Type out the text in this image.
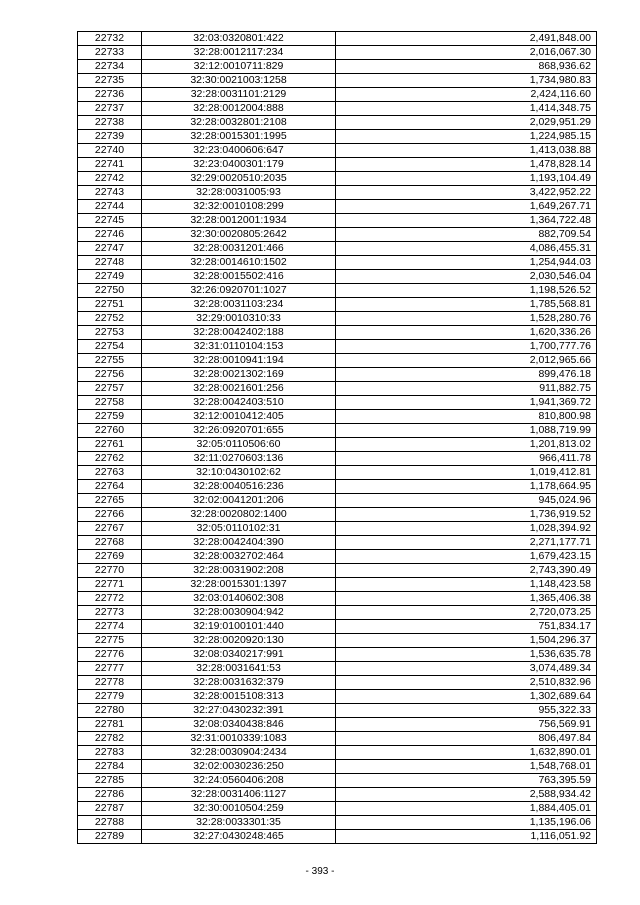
22732	32:03:0320801:422	2,491,848.00
22733	32:28:0012117:234	2,016,067.30
22734	32:12:0010711:829	868,936.62
22735	32:30:0021003:1258	1,734,980.83
22736	32:28:0031101:2129	2,424,116.60
22737	32:28:0012004:888	1,414,348.75
22738	32:28:0032801:2108	2,029,951.29
22739	32:28:0015301:1995	1,224,985.15
22740	32:23:0400606:647	1,413,038.88
22741	32:23:0400301:179	1,478,828.14
22742	32:29:0020510:2035	1,193,104.49
22743	32:28:0031005:93	3,422,952.22
22744	32:32:0010108:299	1,649,267.71
22745	32:28:0012001:1934	1,364,722.48
22746	32:30:0020805:2642	882,709.54
22747	32:28:0031201:466	4,086,455.31
22748	32:28:0014610:1502	1,254,944.03
22749	32:28:0015502:416	2,030,546.04
22750	32:26:0920701:1027	1,198,526.52
22751	32:28:0031103:234	1,785,568.81
22752	32:29:0010310:33	1,528,280.76
22753	32:28:0042402:188	1,620,336.26
22754	32:31:0110104:153	1,700,777.76
22755	32:28:0010941:194	2,012,965.66
22756	32:28:0021302:169	899,476.18
22757	32:28:0021601:256	911,882.75
22758	32:28:0042403:510	1,941,369.72
22759	32:12:0010412:405	810,800.98
22760	32:26:0920701:655	1,088,719.99
22761	32:05:0110506:60	1,201,813.02
22762	32:11:0270603:136	966,411.78
22763	32:10:0430102:62	1,019,412.81
22764	32:28:0040516:236	1,178,664.95
22765	32:02:0041201:206	945,024.96
22766	32:28:0020802:1400	1,736,919.52
22767	32:05:0110102:31	1,028,394.92
22768	32:28:0042404:390	2,271,177.71
22769	32:28:0032702:464	1,679,423.15
22770	32:28:0031902:208	2,743,390.49
22771	32:28:0015301:1397	1,148,423.58
22772	32:03:0140602:308	1,365,406.38
22773	32:28:0030904:942	2,720,073.25
22774	32:19:0100101:440	751,834.17
22775	32:28:0020920:130	1,504,296.37
22776	32:08:0340217:991	1,536,635.78
22777	32:28:0031641:53	3,074,489.34
22778	32:28:0031632:379	2,510,832.96
22779	32:28:0015108:313	1,302,689.64
22780	32:27:0430232:391	955,322.33
22781	32:08:0340438:846	756,569.91
22782	32:31:0010339:1083	806,497.84
22783	32:28:0030904:2434	1,632,890.01
22784	32:02:0030236:250	1,548,768.01
22785	32:24:0560406:208	763,395.59
22786	32:28:0031406:1127	2,588,934.42
22787	32:30:0010504:259	1,884,405.01
22788	32:28:0033301:35	1,135,196.06
22789	32:27:0430248:465	1,116,051.92
- 393 -
